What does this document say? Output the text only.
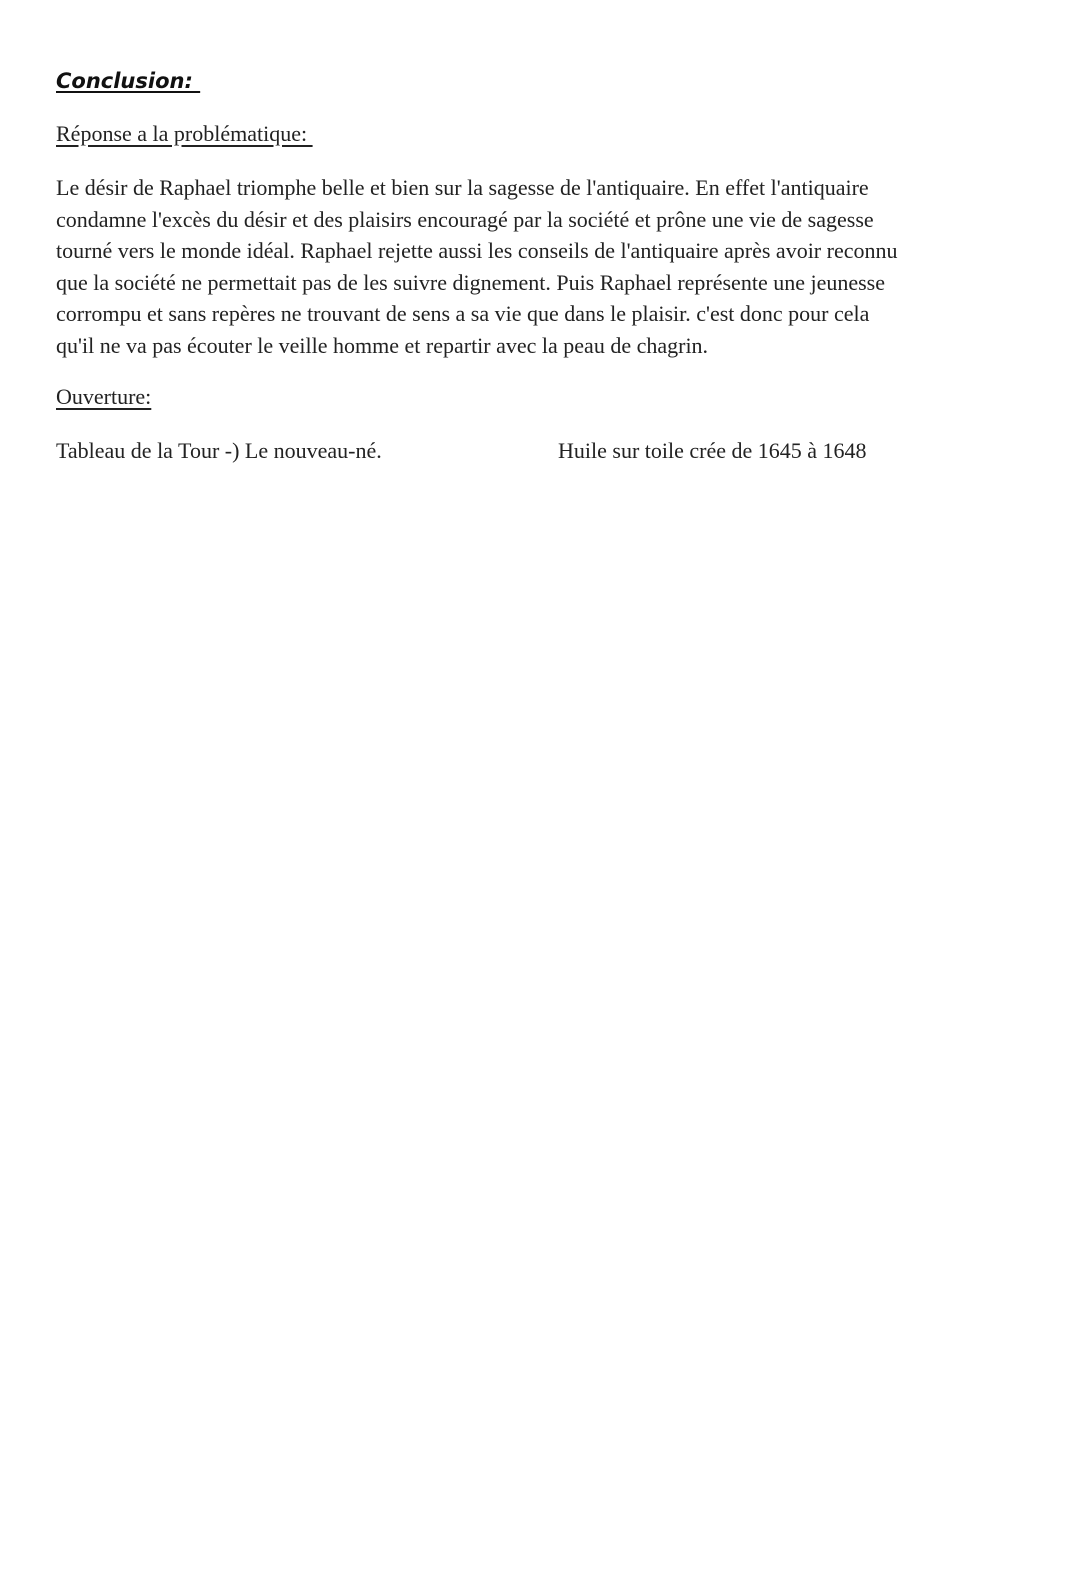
Conclusion:
Réponse a la problématique:
Le désir de Raphael triomphe belle et bien sur la sagesse de l'antiquaire. En effet l'antiquaire
condamne l'excès du désir et des plaisirs encouragé par la société et prône une vie de sagesse
tourné vers le monde idéal. Raphael rejette aussi les conseils de l'antiquaire après avoir reconnu
que la société ne permettait pas de les suivre dignement. Puis Raphael représente une jeunesse
corrompu et sans repères ne trouvant de sens a sa vie que dans le plaisir. c'est donc pour cela
qu'il ne va pas écouter le veille homme et repartir avec la peau de chagrin.
Ouverture:
Tableau de la Tour -) Le nouveau-né.	Huile sur toile crée de 1645 à 1648
